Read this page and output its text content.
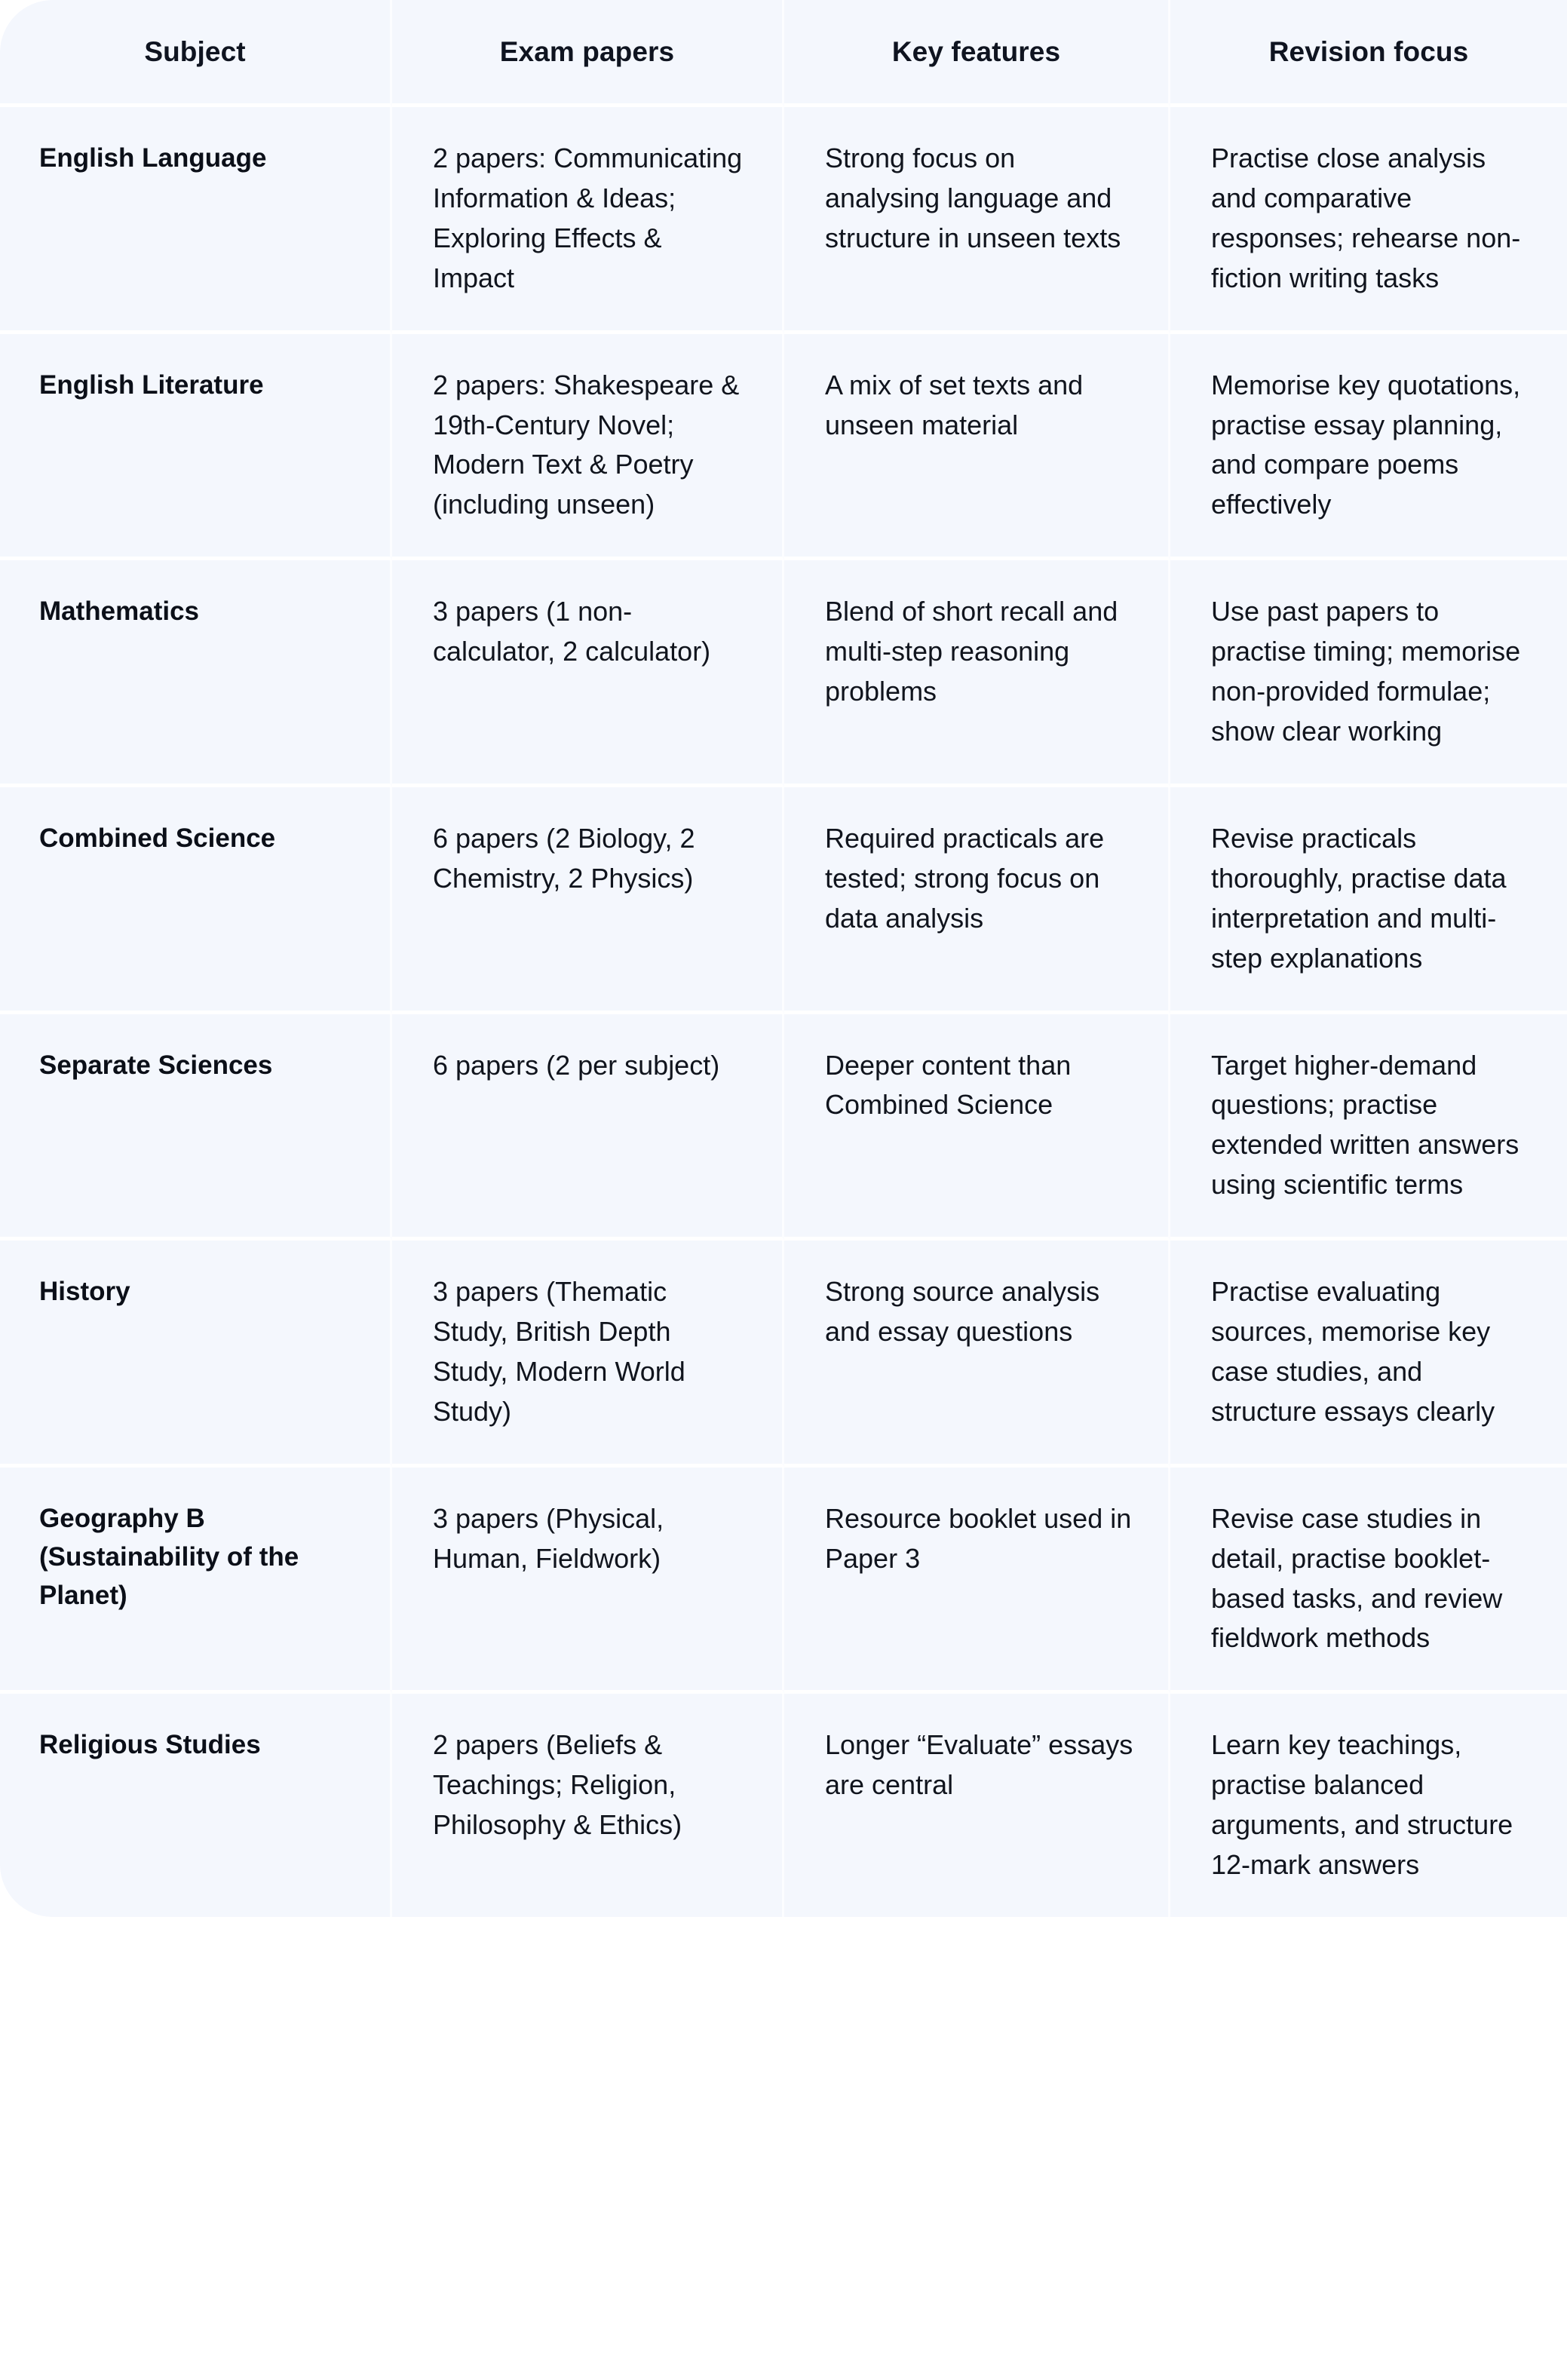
Subject	Exam papers	Key features	Revision focus

English Language	2 papers: Communicating Information & Ideas; Exploring Effects & Impact	Strong focus on analysing language and structure in unseen texts	Practise close analysis and comparative responses; rehearse non-fiction writing tasks

English Literature	2 papers: Shakespeare & 19th-Century Novel; Modern Text & Poetry (including unseen)	A mix of set texts and unseen material	Memorise key quotations, practise essay planning, and compare poems effectively

Mathematics	3 papers (1 non-calculator, 2 calculator)	Blend of short recall and multi-step reasoning problems	Use past papers to practise timing; memorise non-provided formulae; show clear working

Combined Science	6 papers (2 Biology, 2 Chemistry, 2 Physics)	Required practicals are tested; strong focus on data analysis	Revise practicals thoroughly, practise data interpretation and multi-step explanations

Separate Sciences	6 papers (2 per subject)	Deeper content than Combined Science	Target higher-demand questions; practise extended written answers using scientific terms

History	3 papers (Thematic Study, British Depth Study, Modern World Study)	Strong source analysis and essay questions	Practise evaluating sources, memorise key case studies, and structure essays clearly

Geography B (Sustainability of the Planet)	3 papers (Physical, Human, Fieldwork)	Resource booklet used in Paper 3	Revise case studies in detail, practise booklet-based tasks, and review fieldwork methods

Religious Studies	2 papers (Beliefs & Teachings; Religion, Philosophy & Ethics)	Longer “Evaluate” essays are central	Learn key teachings, practise balanced arguments, and structure 12-mark answers
